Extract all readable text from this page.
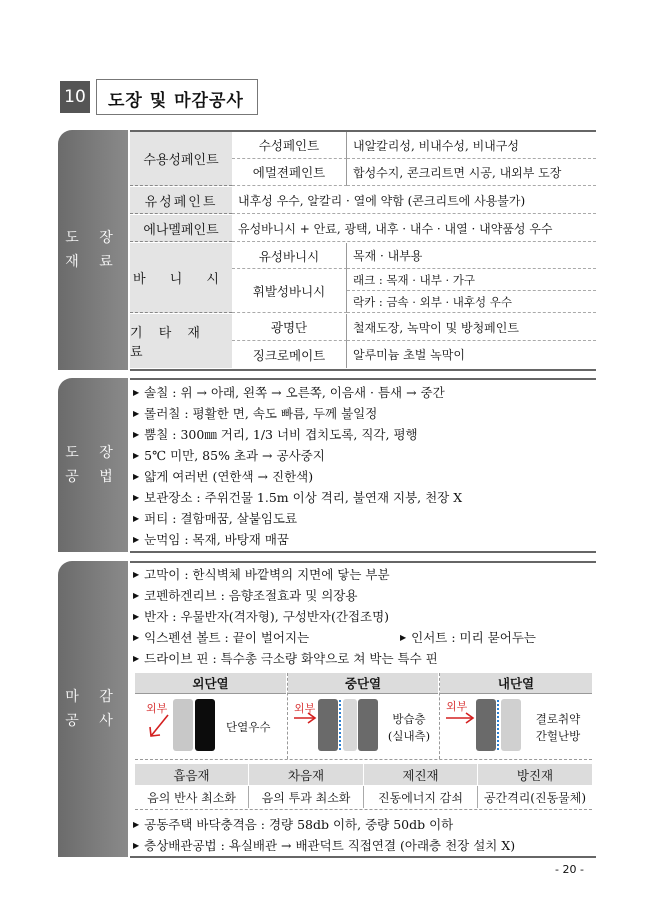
10 도장 및 마감공사
도 장
재 료
수용성페인트
수성페인트	내알칼리성, 비내수성, 비내구성
에멀젼페인트	합성수지, 콘크리트면 시공, 내외부 도장
유성페인트	내후성 우수, 알칼리 · 열에 약함 (콘크리트에 사용불가)
에나멜페인트	유성바니시 + 안료, 광택, 내후 · 내수 · 내열 · 내약품성 우수
바 니 시
유성바니시	목재 · 내부용
휘발성바니시
래크 : 목재 · 내부 · 가구
락카 : 금속 · 외부 · 내후성 우수
기 타 재 료
광명단	철재도장, 녹막이 및 방청페인트
징크로메이트	알루미늄 초벌 녹막이
도 장
공 법
▶ 솔칠 : 위 → 아래, 왼쪽 → 오른쪽, 이음새 · 틈새 → 중간
▶ 롤러칠 : 평활한 면, 속도 빠름, 두께 불일정
▶ 뿜칠 : 300㎜ 거리, 1/3 너비 겹치도록, 직각, 평행
▶ 5℃ 미만, 85% 초과 → 공사중지
▶ 얇게 여러번 (연한색 → 진한색)
▶ 보관장소 : 주위건물 1.5m 이상 격리, 불연재 지붕, 천장 X
▶ 퍼티 : 결함매꿈, 살붙임도료
▶ 눈먹임 : 목재, 바탕재 매꿈
마 감
공 사
▶ 고막이 : 한식벽체 바깥벽의 지면에 닿는 부분
▶ 코펜하겐리브 : 음향조절효과 및 의장용
▶ 반자 : 우물반자(격자형), 구성반자(간접조명)
▶ 익스펜션 볼트 : 끝이 벌어지는
▶	인서트 : 미리 묻어두는
▶ 드라이브 핀 : 특수총 극소량 화약으로 쳐 박는 특수 핀
외단열	중단열	내단열
외부
단열우수
외부
방습층
(실내측)
외부
결로취약
간헐난방
흡음재	차음재	제진재	방진재
음의 반사 최소화	음의 투과 최소화	진동에너지 감쇠	공간격리(진동물체)
▶ 공동주택 바닥충격음 : 경량 58db 이하, 중량 50db 이하
▶ 층상배관공법 : 욕실배관 → 배관덕트 직접연결 (아래층 천장 설치 X)
- 20 -
